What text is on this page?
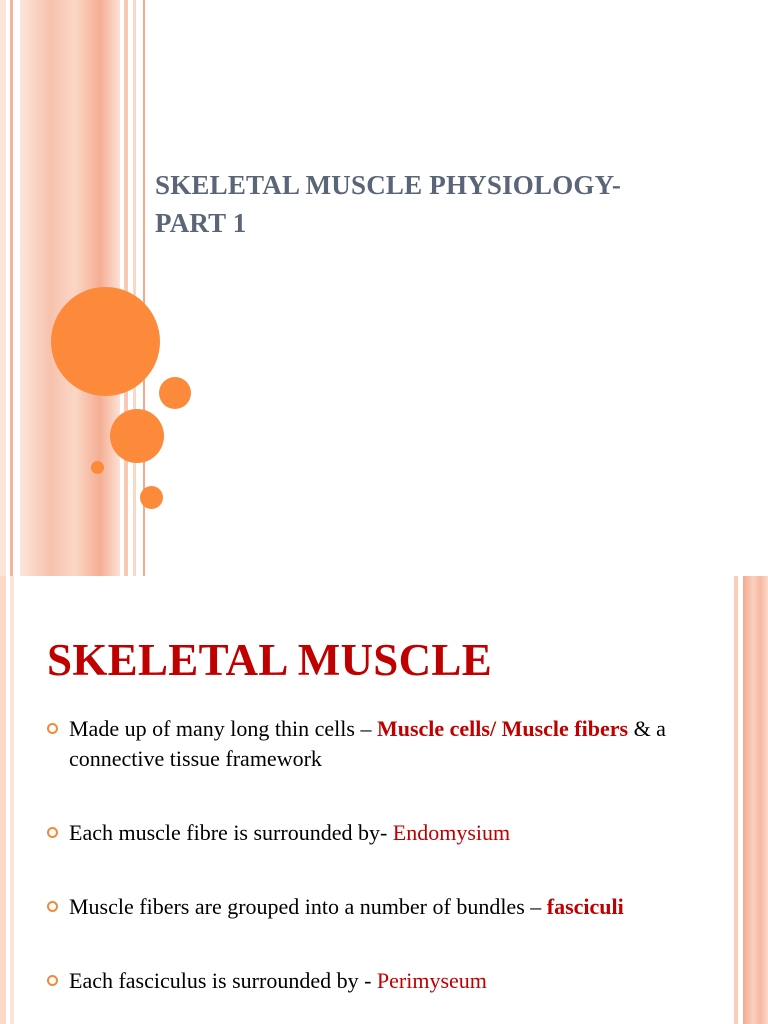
SKELETAL MUSCLE PHYSIOLOGY-
PART 1
SKELETAL MUSCLE
Made up of many long thin cells – Muscle cells/ Muscle fibers & a connective tissue framework
Each muscle fibre is surrounded by- Endomysium
Muscle fibers are grouped into a number of bundles – fasciculi
Each fasciculus is surrounded by - Perimyseum
